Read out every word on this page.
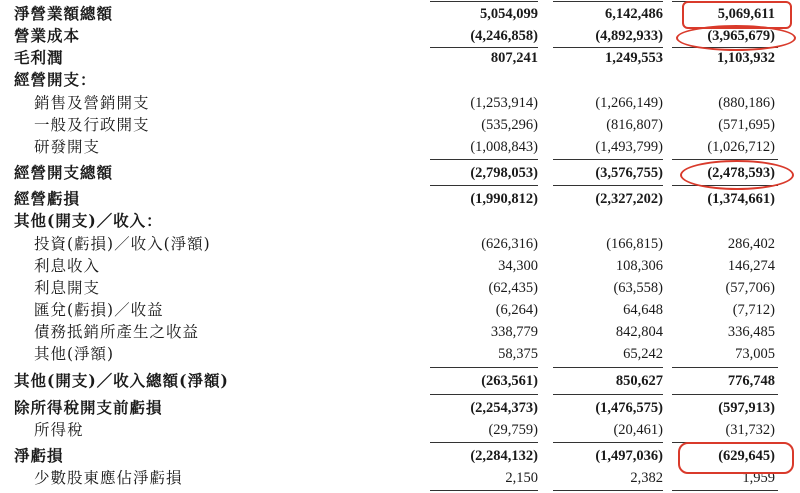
淨營業額總額	5,054,099	6,142,486	5,069,611
營業成本	(4,246,858)	(4,892,933)	(3,965,679)
毛利潤	807,241	1,249,553	1,103,932
經營開支：
銷售及營銷開支	(1,253,914)	(1,266,149)	(880,186)
一般及行政開支	(535,296)	(816,807)	(571,695)
研發開支	(1,008,843)	(1,493,799)	(1,026,712)
經營開支總額	(2,798,053)	(3,576,755)	(2,478,593)
經營虧損	(1,990,812)	(2,327,202)	(1,374,661)
其他(開支)／收入：
投資(虧損)／收入(淨額)	(626,316)	(166,815)	286,402
利息收入	34,300	108,306	146,274
利息開支	(62,435)	(63,558)	(57,706)
匯兌(虧損)／收益	(6,264)	64,648	(7,712)
債務抵銷所產生之收益	338,779	842,804	336,485
其他(淨額)	58,375	65,242	73,005
其他(開支)／收入總額(淨額)	(263,561)	850,627	776,748
除所得稅開支前虧損	(2,254,373)	(1,476,575)	(597,913)
所得稅	(29,759)	(20,461)	(31,732)
淨虧損	(2,284,132)	(1,497,036)	(629,645)
少數股東應佔淨虧損	2,150	2,382	1,959
